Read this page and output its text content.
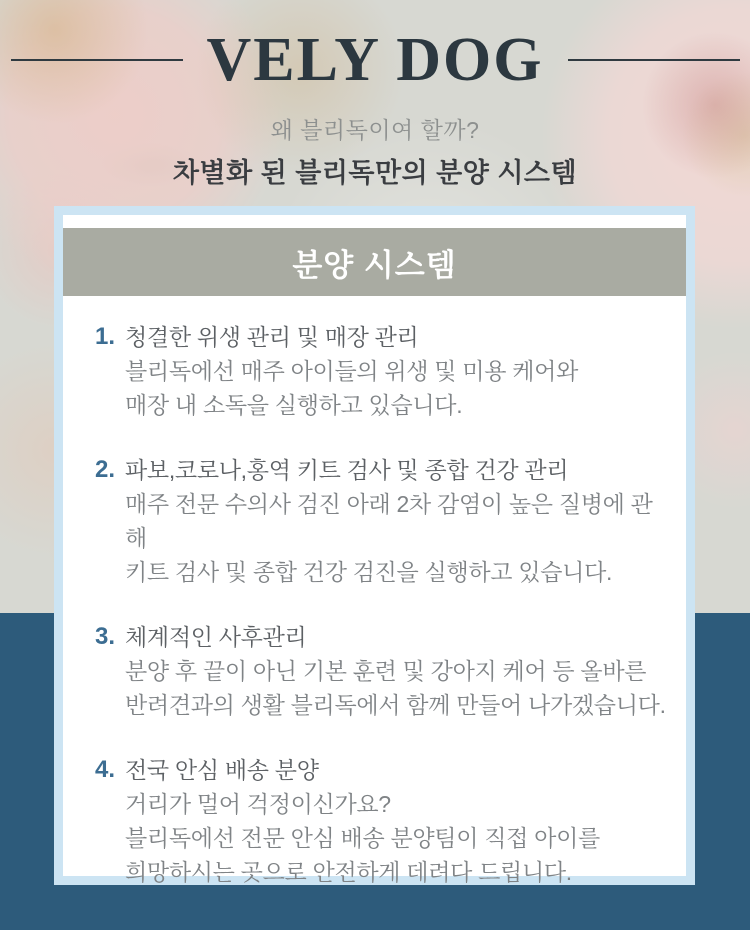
VELY DOG
왜 블리독이여 할까?
차별화 된 블리독만의 분양 시스템
분양 시스템
1. 청결한 위생 관리 및 매장 관리
블리독에선 매주 아이들의 위생 및 미용 케어와
매장 내 소독을 실행하고 있습니다.
2. 파보,코로나,홍역 키트 검사 및 종합 건강 관리
매주 전문 수의사 검진 아래 2차 감염이 높은 질병에 관해
키트 검사 및 종합 건강 검진을 실행하고 있습니다.
3. 체계적인 사후관리
분양 후 끝이 아닌 기본 훈련 및 강아지 케어 등 올바른
반려견과의 생활 블리독에서 함께 만들어 나가겠습니다.
4. 전국 안심 배송 분양
거리가 멀어 걱정이신가요?
블리독에선 전문 안심 배송 분양팀이 직접 아이를
희망하시는 곳으로 안전하게 데려다 드립니다.
